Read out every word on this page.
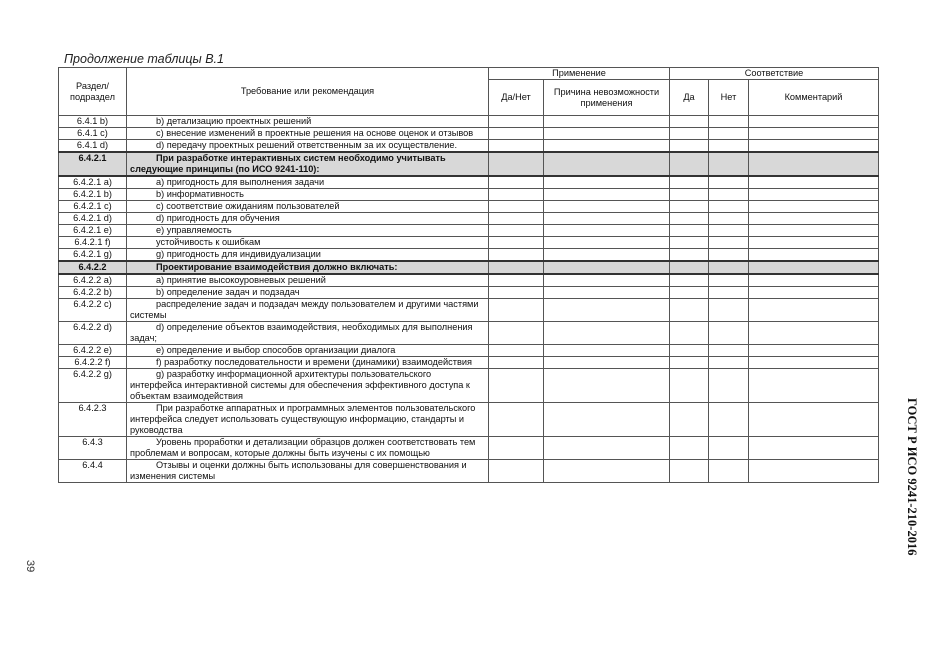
Продолжение таблицы В.1
Раздел/ подраздел	Требование или рекомендация	Применение		Соответствие		
		Да/Нет	Причина невозможности применения	Да	Нет	Комментарий
6.4.1 b)	b) детализацию проектных решений					
6.4.1 c)	c) внесение изменений в проектные решения на основе оценок и отзывов					
6.4.1 d)	d) передачу проектных решений ответственным за их осуществление.					
6.4.2.1	При разработке интерактивных систем необходимо учитывать следующие принципы (по ИСО 9241-110):					
6.4.2.1 a)	a) пригодность для выполнения задачи					
6.4.2.1 b)	b) информативность					
6.4.2.1 c)	c) соответствие ожиданиям пользователей					
6.4.2.1 d)	d) пригодность для обучения					
6.4.2.1 e)	e) управляемость					
6.4.2.1 f)	устойчивость к ошибкам					
6.4.2.1 g)	g) пригодность для индивидуализации					
6.4.2.2	Проектирование взаимодействия должно включать:					
6.4.2.2 a)	a) принятие высокоуровневых решений					
6.4.2.2 b)	b) определение задач и подзадач					
6.4.2.2 c)	распределение задач и подзадач между пользователем и другими частями системы					
6.4.2.2 d)	d) определение объектов взаимодействия, необходимых для выполнения задач;					
6.4.2.2 e)	e) определение и выбор способов организации диалога					
6.4.2.2 f)	f) разработку последовательности и времени (динамики) взаимодействия					
6.4.2.2 g)	g) разработку информационной архитектуры пользовательского интерфейса интерактивной системы для обеспечения эффективного доступа к объектам взаимодействия					
6.4.2.3	При разработке аппаратных и программных элементов пользовательского интерфейса следует использовать существующую информацию, стандарты и руководства					
6.4.3	Уровень проработки и детализации образцов должен соответствовать тем проблемам и вопросам, которые должны быть изучены с их помощью					
6.4.4	Отзывы и оценки должны быть использованы для совершенствования и изменения системы						ГОСТ Р ИСО 9241-210-2016
39
